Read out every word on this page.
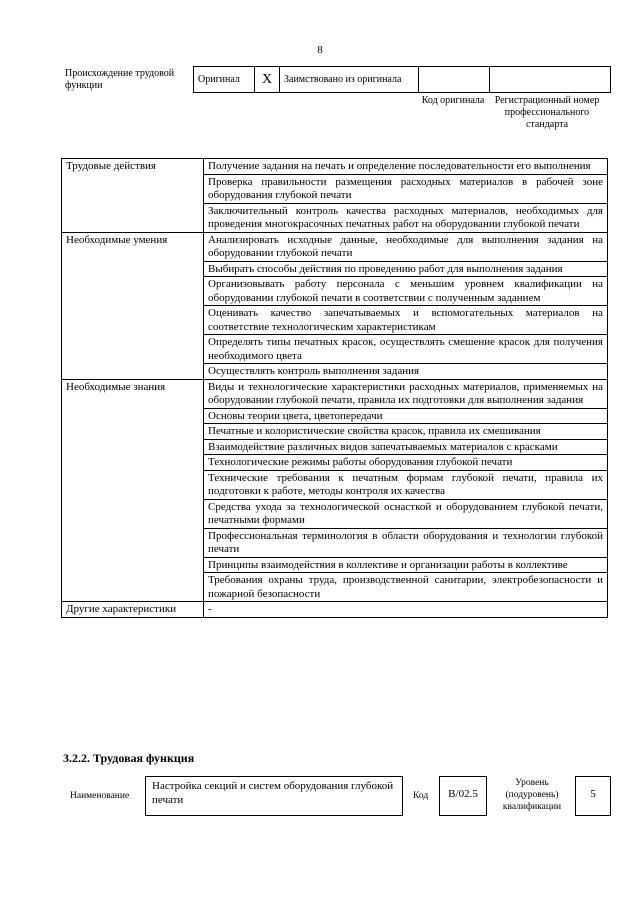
8
Происхождение трудовой функции
Оригинал	X	Заимствовано из оригинала		
Код оригинала	Регистрационный номер профессионального стандарта
Трудовые действия	Получение задания на печать и определение последовательности его выполнения
	Проверка правильности размещения расходных материалов в рабочей зоне оборудования глубокой печати
	Заключительный контроль качества расходных материалов, необходимых для проведения многокрасочных печатных работ на оборудовании глубокой печати
Необходимые умения	Анализировать исходные данные, необходимые для выполнения задания на оборудовании глубокой печати
	Выбирать способы действия по проведению работ для выполнения задания
	Организовывать работу персонала с меньшим уровнем квалификации на оборудовании глубокой печати в соответствии с полученным заданием
	Оценивать качество запечатываемых и вспомогательных материалов на соответствие технологическим характеристикам
	Определять типы печатных красок, осуществлять смешение красок для получения необходимого цвета
	Осуществлять контроль выполнения задания
Необходимые знания	Виды и технологические характеристики расходных материалов, применяемых на оборудовании глубокой печати, правила их подготовки для выполнения задания
	Основы теории цвета, цветопередачи
	Печатные и колористические свойства красок, правила их смешивания
	Взаимодействие различных видов запечатываемых материалов с красками
	Технологические режимы работы оборудования глубокой печати
	Технические требования к печатным формам глубокой печати, правила их подготовки к работе, методы контроля их качества
	Средства ухода за технологической оснасткой и оборудованием глубокой печати, печатными формами
	Профессиональная терминология в области оборудования и технологии глубокой печати
	Принципы взаимодействия в коллективе и организации работы в коллективе
	Требования охраны труда, производственной санитарии, электробезопасности и пожарной безопасности
Другие характеристики	-
3.2.2. Трудовая функция
Наименование
Настройка секций и систем оборудования глубокой печати	Код	В/02.5
Уровень (подуровень) квалификации
5
